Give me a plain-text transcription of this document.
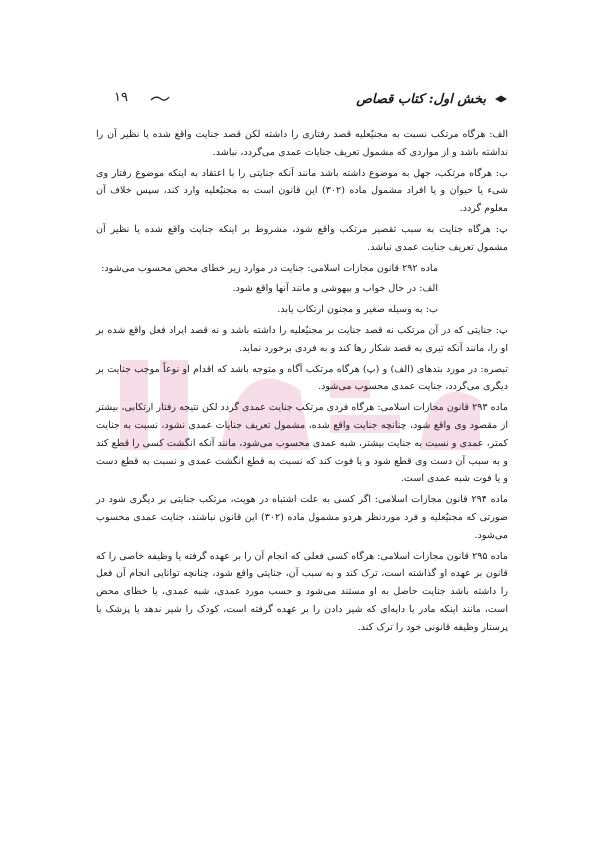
۱۹	بخش اول: کتاب قصاص

الف: هرگاه مرتکب نسبت به مجنیٌعلیه قصد رفتاری را داشته لکن قصد جنایت واقع شده یا نظیر آن را نداشته باشد و از مواردی که مشمول تعریف جنایات عمدی می‌گردد، نباشد.

ب: هرگاه مرتکب، جهل به موضوع داشته باشد مانند آنکه جنایتی را با اعتقاد به اینکه موضوع رفتار وی شیء یا حیوان و یا افراد مشمول ماده (۳۰۲) این قانون است به مجنیٌعلیه وارد کند، سپس خلاف آن معلوم گردد.

پ: هرگاه جنایت به سبب تقصیر مرتکب واقع شود، مشروط بر اینکه جنایت واقع شده یا نظیر آن مشمول تعریف جنایت عمدی نباشد.

ماده ۲۹۲ قانون مجازات اسلامی: جنایت در موارد زیر خطای محض محسوب می‌شود:

الف: در حال خواب و بیهوشی و مانند آنها واقع شود.

ب: به وسیله صغیر و مجنون ارتکاب یابد.

پ: جنایتی که در آن مرتکب نه قصد جنایت بر مجنیٌعلیه را داشته باشد و نه قصد ایراد فعل واقع شده بر او را، مانند آنکه تیری به قصد شکار رها کند و به فردی برخورد نماید.

تبصره: در مورد بندهای (الف) و (پ) هرگاه مرتکب آگاه و متوجه باشد که اقدام او نوعاً موجب جنایت بر دیگری می‌گردد، جنایت عمدی محسوب می‌شود.

ماده ۲۹۳ قانون مجازات اسلامی: هرگاه فردی مرتکب جنایت عمدی گردد لکن نتیجه رفتار ارتکابی، بیشتر از مقصود وی واقع شود، چنانچه جنایت واقع شده، مشمول تعریف جنایات عمدی نشود، نسبت به جنایت کمتر، عمدی و نسبت به جنایت بیشتر، شبه عمدی محسوب می‌شود، مانند آنکه انگشت کسی را قطع کند و به سبب آن دست وی قطع شود و یا فوت کند که نسبت به قطع انگشت عمدی و نسبت به قطع دست و یا فوت شبه عمدی است.

ماده ۲۹۴ قانون مجازات اسلامی: اگر کسی به علت اشتباه در هویت، مرتکب جنایتی بر دیگری شود در صورتی که مجنیٌعلیه و فرد موردنظر هردو مشمول ماده (۳۰۲) این قانون نباشند، جنایت عمدی محسوب می‌شود.

ماده ۲۹۵ قانون مجازات اسلامی: هرگاه کسی فعلی که انجام آن را بر عهده گرفته یا وظیفه خاصی را که قانون بر عهده او گذاشته است، ترک کند و به سبب آن، جنایتی واقع شود، چنانچه توانایی انجام آن فعل را داشته باشد جنایت حاصل به او مستند می‌شود و حسب مورد عمدی، شبه عمدی، یا خطای محض است، مانند اینکه مادر یا دایه‌ای که شیر دادن را بر عهده گرفته است، کودک را شیر ندهد یا پزشک یا پرستار وظیفه قانونی خود را ترک کند.
